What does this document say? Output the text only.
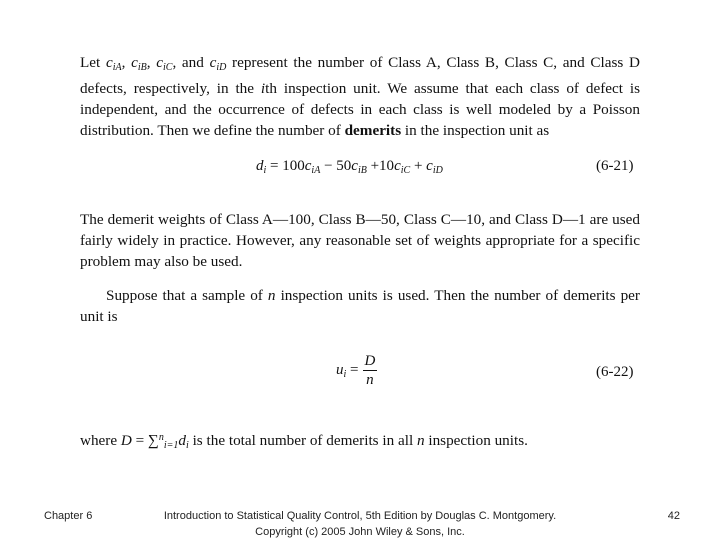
Let $c_{iA}$, $c_{iB}$, $c_{iC}$, and $c_{iD}$ represent the number of Class A, Class B, Class C, and Class D defects, respectively, in the ith inspection unit. We assume that each class of defect is independent, and the occurrence of defects in each class is well modeled by a Poisson distribution. Then we define the number of demerits in the inspection unit as

$d_i = 100c_{iA} - 50c_{iB} +10c_{iC} + c_{iD}$	(6-21)

The demerit weights of Class A—100, Class B—50, Class C—10, and Class D—1 are used fairly widely in practice. However, any reasonable set of weights appropriate for a specific problem may also be used.

Suppose that a sample of n inspection units is used. Then the number of demerits per unit is

$u_i = \frac{D}{n}$	(6-22)

where $D = \sum^n_{i=1}d_i$ is the total number of demerits in all n inspection units.

Chapter 6	Introduction to Statistical Quality Control, 5th Edition by Douglas C. Montgomery.
Copyright (c) 2005 John Wiley & Sons, Inc.
42
